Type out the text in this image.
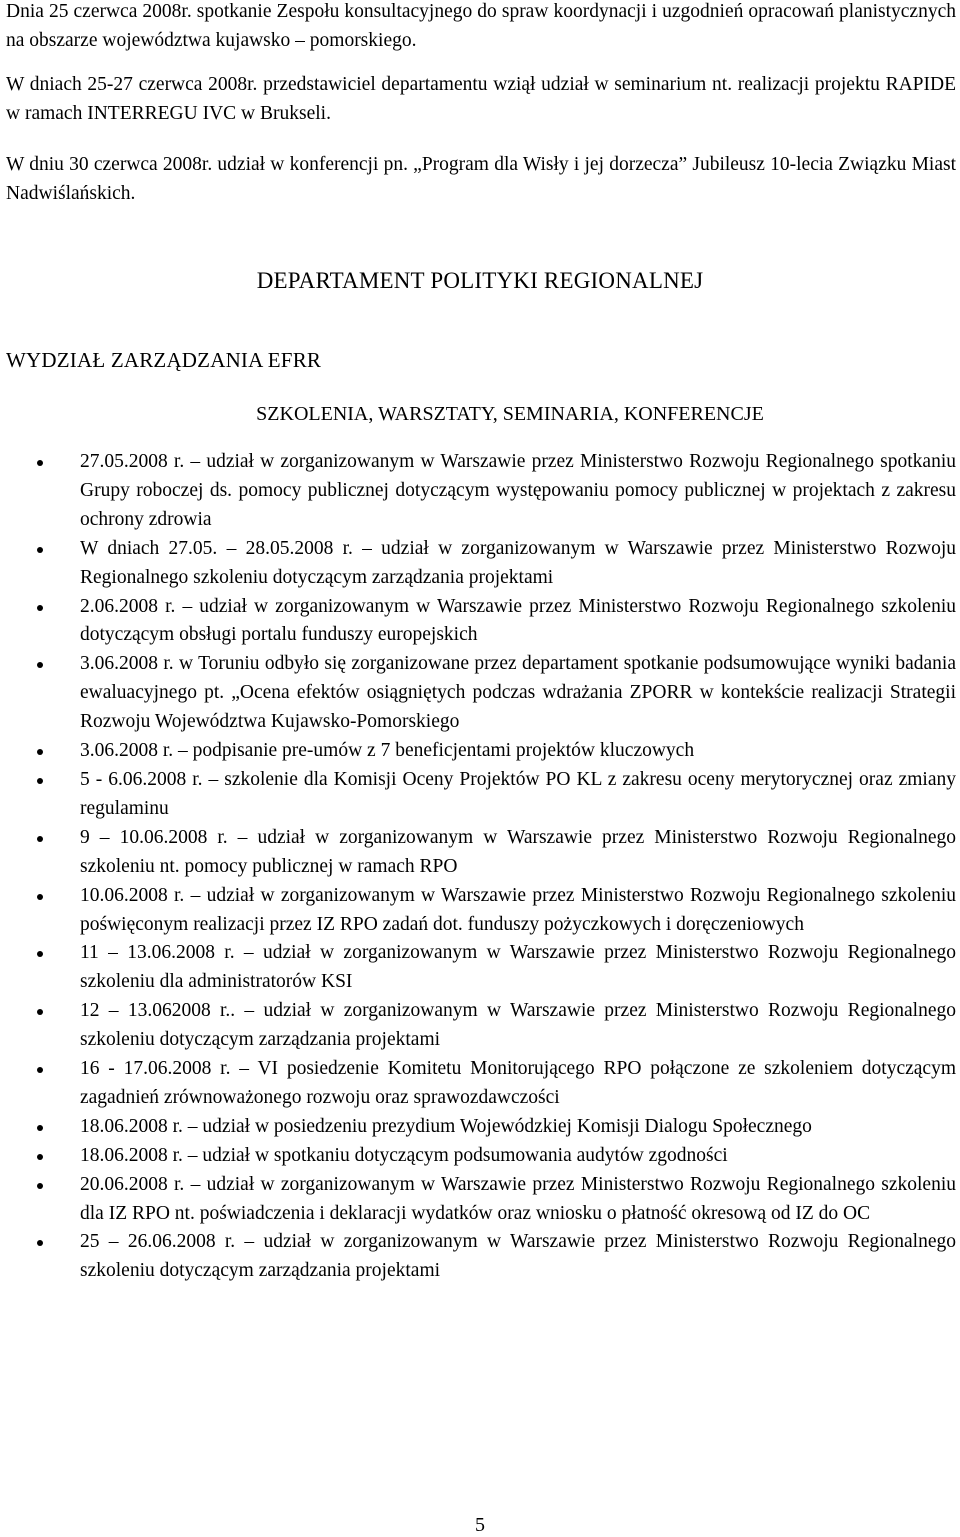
Dnia 25 czerwca 2008r. spotkanie Zespołu konsultacyjnego do spraw koordynacji i uzgodnień opracowań planistycznych na obszarze województwa kujawsko – pomorskiego.

W dniach 25-27 czerwca 2008r. przedstawiciel departamentu wziął udział w seminarium nt. realizacji projektu RAPIDE w ramach INTERREGU IVC w Brukseli.

W dniu 30 czerwca 2008r. udział w konferencji pn. „Program dla Wisły i jej dorzecza” Jubileusz 10-lecia Związku Miast Nadwiślańskich.

DEPARTAMENT POLITYKI REGIONALNEJ
WYDZIAŁ ZARZĄDZANIA EFRR
SZKOLENIA, WARSZTATY, SEMINARIA, KONFERENCJE
27.05.2008 r. – udział w zorganizowanym w Warszawie przez Ministerstwo Rozwoju Regionalnego spotkaniu Grupy roboczej ds. pomocy publicznej dotyczącym występowaniu pomocy publicznej w projektach z zakresu ochrony zdrowia
W dniach 27.05. – 28.05.2008 r. – udział w zorganizowanym w Warszawie przez Ministerstwo Rozwoju Regionalnego szkoleniu dotyczącym zarządzania projektami
2.06.2008 r. – udział w zorganizowanym w Warszawie przez Ministerstwo Rozwoju Regionalnego szkoleniu dotyczącym obsługi portalu funduszy europejskich
3.06.2008 r. w Toruniu odbyło się zorganizowane przez departament spotkanie podsumowujące wyniki badania ewaluacyjnego pt. „Ocena efektów osiągniętych podczas wdrażania ZPORR w kontekście realizacji Strategii Rozwoju Województwa Kujawsko-Pomorskiego
3.06.2008 r. – podpisanie pre-umów z 7 beneficjentami projektów kluczowych
5 - 6.06.2008 r. – szkolenie dla Komisji Oceny Projektów PO KL z zakresu oceny merytorycznej oraz zmiany regulaminu
9 – 10.06.2008 r. – udział w zorganizowanym w Warszawie przez Ministerstwo Rozwoju Regionalnego szkoleniu nt. pomocy publicznej w ramach RPO
10.06.2008 r. – udział w zorganizowanym w Warszawie przez Ministerstwo Rozwoju Regionalnego szkoleniu poświęconym realizacji przez IZ RPO zadań dot. funduszy pożyczkowych i doręczeniowych
11 – 13.06.2008 r. – udział w zorganizowanym w Warszawie przez Ministerstwo Rozwoju Regionalnego szkoleniu dla administratorów KSI
12 – 13.062008 r.. – udział w zorganizowanym w Warszawie przez Ministerstwo Rozwoju Regionalnego szkoleniu dotyczącym zarządzania projektami
16 - 17.06.2008 r. – VI posiedzenie Komitetu Monitorującego RPO połączone ze szkoleniem dotyczącym zagadnień zrównoważonego rozwoju oraz sprawozdawczości
18.06.2008 r. – udział w posiedzeniu prezydium Wojewódzkiej Komisji Dialogu Społecznego
18.06.2008 r. – udział w spotkaniu dotyczącym podsumowania audytów zgodności
20.06.2008 r. – udział w zorganizowanym w Warszawie przez Ministerstwo Rozwoju Regionalnego szkoleniu dla IZ RPO nt. poświadczenia i deklaracji wydatków oraz wniosku o płatność okresową od IZ do OC
25 – 26.06.2008 r. – udział w zorganizowanym w Warszawie przez Ministerstwo Rozwoju Regionalnego szkoleniu dotyczącym zarządzania projektami
5
